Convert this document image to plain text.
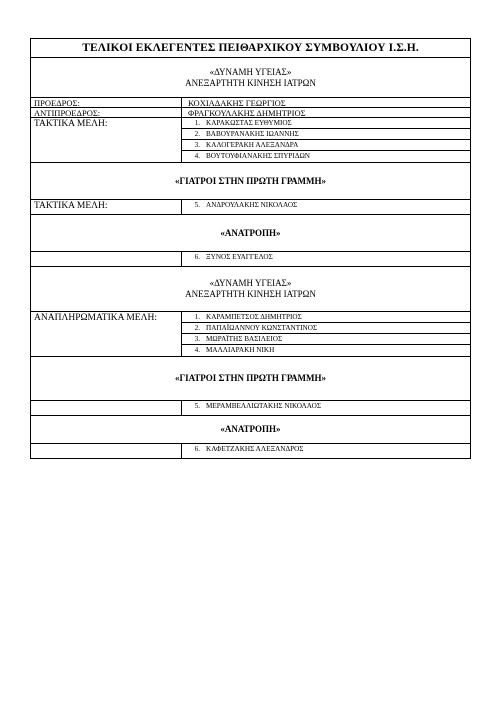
ΤΕΛΙΚΟΙ ΕΚΛΕΓΕΝΤΕΣ ΠΕΙΘΑΡΧΙΚΟΥ ΣΥΜΒΟΥΛΙΟΥ Ι.Σ.Η.
«ΔΥΝΑΜΗ ΥΓΕΙΑΣ»
ΑΝΕΞΑΡΤΗΤΗ ΚΙΝΗΣΗ ΙΑΤΡΩΝ
ΠΡΟΕΔΡΟΣ:	ΚΟΧΙΑΔΑΚΗΣ ΓΕΩΡΓΙΟΣ
ΑΝΤΙΠΡΟΕΔΡΟΣ:	ΦΡΑΓΚΟΥΛΑΚΗΣ ΔΗΜΗΤΡΙΟΣ
ΤΑΚΤΙΚΑ ΜΕΛΗ:	1. ΚΑΡΑΚΩΣΤΑΣ ΕΥΘΥΜΙΟΣ
2. ΒΑΒΟΥΡΑΝΑΚΗΣ ΙΩΑΝΝΗΣ
3. ΚΑΛΟΓΕΡΑΚΗ ΑΛΕΞΑΝΔΡΑ
4. ΒΟΥΤΟΥΦΙΑΝΑΚΗΣ ΣΠΥΡΙΔΩΝ
«ΓΙΑΤΡΟΙ ΣΤΗΝ ΠΡΩΤΗ ΓΡΑΜΜΗ»
ΤΑΚΤΙΚΑ ΜΕΛΗ:	5. ΑΝΔΡΟΥΛΑΚΗΣ ΝΙΚΟΛΑΟΣ
«ΑΝΑΤΡΟΠΗ»
6. ΞΥΝΟΣ ΕΥΑΓΓΕΛΟΣ
«ΔΥΝΑΜΗ ΥΓΕΙΑΣ»
ΑΝΕΞΑΡΤΗΤΗ ΚΙΝΗΣΗ ΙΑΤΡΩΝ
ΑΝΑΠΛΗΡΩΜΑΤΙΚΑ ΜΕΛΗ:	1. ΚΑΡΑΜΠΕΤΣΟΣ ΔΗΜΗΤΡΙΟΣ
2. ΠΑΠΑΪΩΑΝΝΟΥ ΚΩΝΣΤΑΝΤΙΝΟΣ
3. ΜΩΡΑΪΤΗΣ ΒΑΣΙΛΕΙΟΣ
4. ΜΑΛΛΙΑΡΑΚΗ ΝΙΚΗ
«ΓΙΑΤΡΟΙ ΣΤΗΝ ΠΡΩΤΗ ΓΡΑΜΜΗ»
5. ΜΕΡΑΜΒΕΛΛΙΩΤΑΚΗΣ ΝΙΚΟΛΑΟΣ
«ΑΝΑΤΡΟΠΗ»
6. ΚΑΦΕΤΖΑΚΗΣ ΑΛΕΞΑΝΔΡΟΣ
